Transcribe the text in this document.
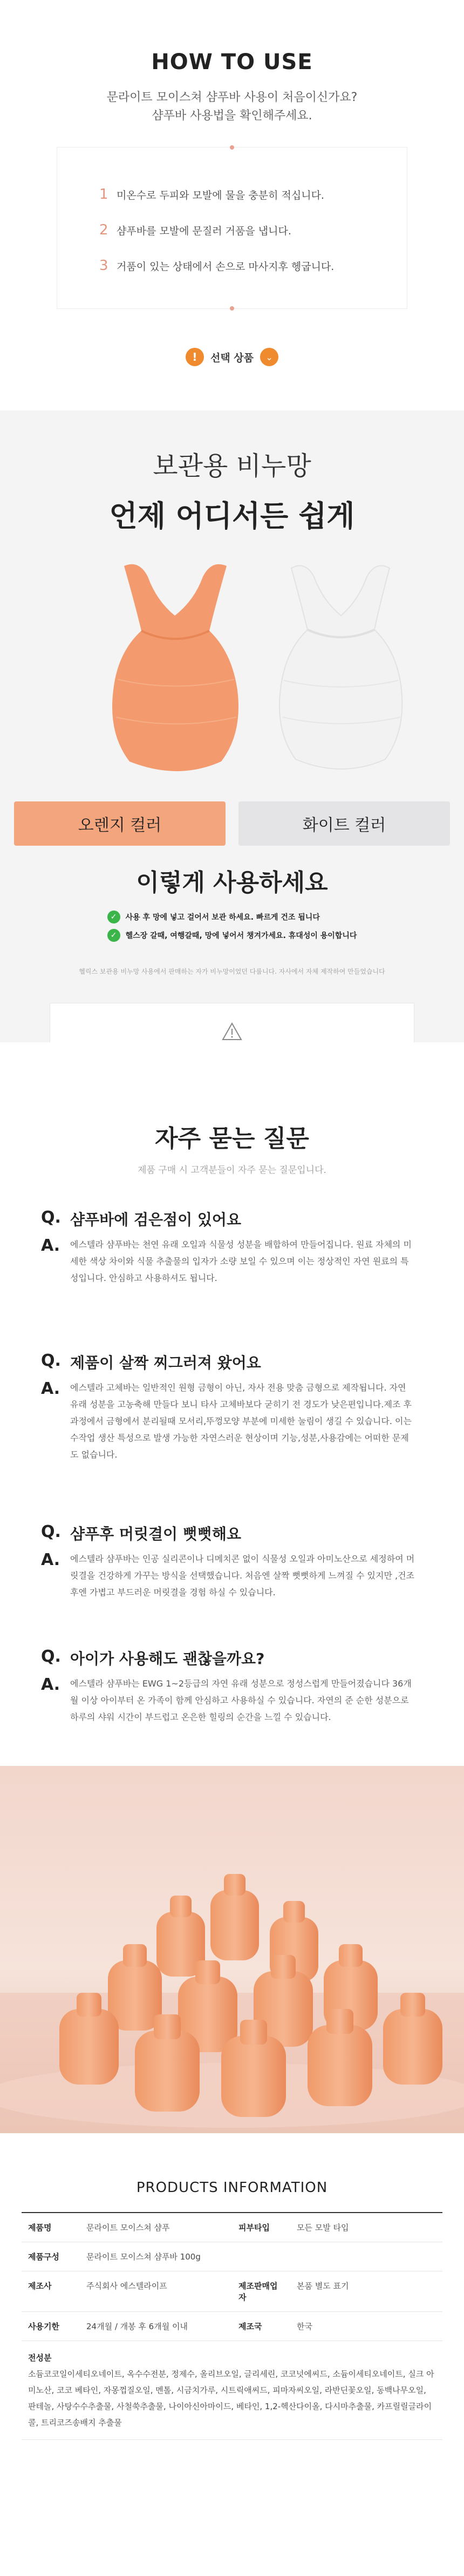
HOW TO USE
문라이트 모이스쳐 샴푸바 사용이 처음이신가요?
샴푸바 사용법을 확인해주세요.
1 미온수로 두피와 모발에 물을 충분히 적십니다.
2 샴푸바를 모발에 문질러 거품을 냅니다.
3 거품이 있는 상태에서 손으로 마사지후 헹굽니다.
!	선택 상품	⌄
보관용 비누망
언제 어디서든 쉽게
오렌지 컬러	화이트 컬러
이렇게 사용하세요
✓	사용 후 망에 넣고 걸어서 보관 하세요. 빠르게 건조 됩니다
✓	헬스장 갈때, 여행갈때, 망에 넣어서 챙겨가세요. 휴대성이 용이합니다
헬릭스 보관용 비누망 사용에서 판매하는 자가 비누망이었던 다룹니다. 자사에서 자체 제작하여 만들었습니다
자주 묻는 질문
제품 구매 시 고객분들이 자주 묻는 질문입니다.
Q. 샴푸바에 검은점이 있어요
A. 에스텔라 샴푸바는 천연 유래 오일과 식물성 성분을 배합하여 만들어집니다. 원료 자체의 미세한 색상 차이와 식물 추출물의 입자가 소량 보일 수 있으며 이는 정상적인 자연 원료의 특성입니다. 안심하고 사용하셔도 됩니다.
Q. 제품이 살짝 찌그러져 왔어요
A. 에스텔라 고체바는 일반적인 원형 금형이 아닌, 자사 전용 맞춤 금형으로 제작됩니다. 자연 유래 성분을 고농축해 만들다 보니 타사 고체바보다 굳히기 전 경도가 낮은편입니다.제조 후 과정에서 금형에서 분리될때 모서리,뚜껑모양 부분에 미세한 눌림이 생길 수 있습니다. 이는 수작업 생산 특성으로 발생 가능한 자연스러운 현상이며 기능,성분,사용감에는 어떠한 문제도 없습니다.
Q. 샴푸후 머릿결이 뻣뻣해요
A. 에스텔라 샴푸바는 인공 실리콘이나 디메치콘 없이 식물성 오일과 아미노산으로 세정하여 머릿결을 건강하게 가꾸는 방식을 선택했습니다. 처음엔 살짝 뻣뻣하게 느껴질 수 있지만 ,건조 후엔 가볍고 부드러운 머릿결을 경험 하실 수 있습니다.
Q. 아이가 사용해도 괜찮을까요?
A. 에스텔라 샴푸바는 EWG 1~2등급의 자연 유래 성분으로 정성스럽게 만들어졌습니다 36개월 이상 아이부터 온 가족이 함께 안심하고 사용하실 수 있습니다. 자연의 준 순한 성분으로 하루의 샤워 시간이 부드럽고 온은한 힐링의 순간을 느낄 수 있습니다.
PRODUCTS INFORMATION
제품명	문라이트 모이스쳐 샴푸	피부타입	모든 모발 타입
제품구성	문라이트 모이스쳐 샴푸바 100g		
제조사	주식회사 에스텔라이프	제조판매업자	본품 별도 표기
사용기한	24개월 / 개봉 후 6개월 이내	제조국	한국

전성분
소듐코코일이세티오네이트, 옥수수전분, 정제수, 올리브오일, 글리세린, 코코넛에씨드, 소듐이세티오네이트, 실크 아미노산, 코코 베타인, 자몽껍질오일, 멘톨, 시금치가루, 시트릭애씨드, 피마자씨오일, 라반딘꽃오일, 동백나무오일, 판테놀, 사탕수수추출물, 사철쑥추출물, 나이아신아마이드, 베타인, 1,2-헥산다이올, 다시마추출물, 카프릴릴글라이콜, 트리코즈송배지 추출물			
